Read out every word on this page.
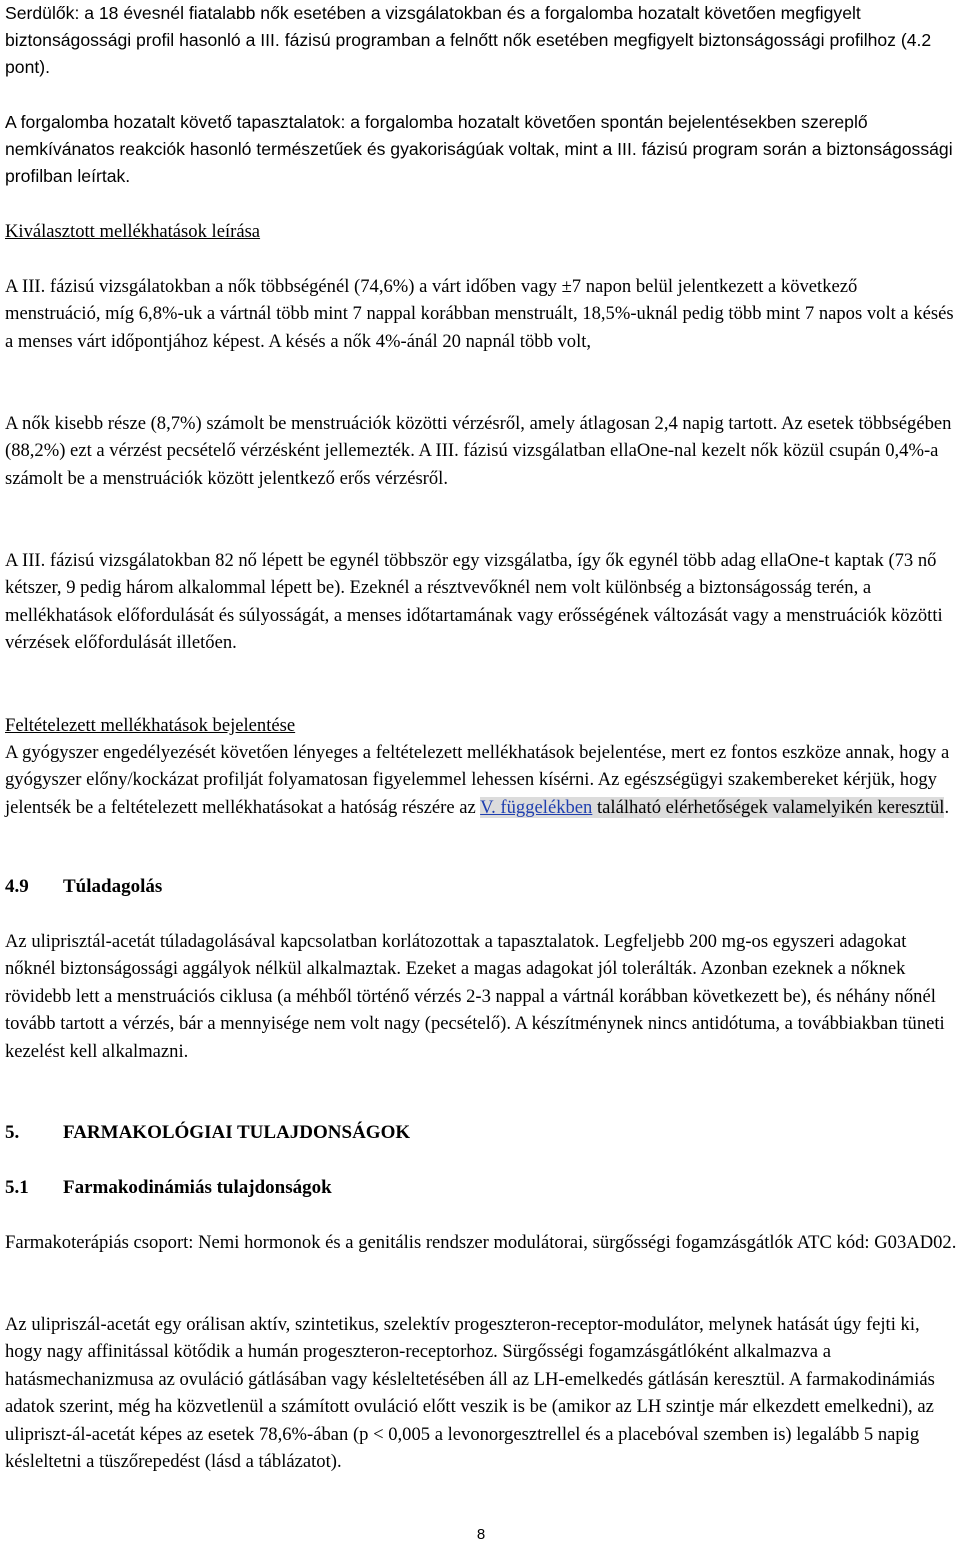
Serdülők: a 18 évesnél fiatalabb nők esetében a vizsgálatokban és a forgalomba hozatalt követően megfigyelt biztonságossági profil hasonló a III. fázisú programban a felnőtt nők esetében megfigyelt biztonságossági profilhoz (4.2 pont).

A forgalomba hozatalt követő tapasztalatok: a forgalomba hozatalt követően spontán bejelentésekben szereplő nemkívánatos reakciók hasonló természetűek és gyakoriságúak voltak, mint a III. fázisú program során a biztonságossági profilban leírtak.

Kiválasztott mellékhatások leírása

A III. fázisú vizsgálatokban a nők többségénél (74,6%) a várt időben vagy ±7 napon belül jelentkezett a következő menstruáció, míg 6,8%-uk a vártnál több mint 7 nappal korábban menstruált, 18,5%-uknál pedig több mint 7 napos volt a késés a menses várt időpontjához képest. A késés a nők 4%-ánál 20 napnál több volt,

A nők kisebb része (8,7%) számolt be menstruációk közötti vérzésről, amely átlagosan 2,4 napig tartott. Az esetek többségében (88,2%) ezt a vérzést pecsételő vérzésként jellemezték. A III. fázisú vizsgálatban ellaOne-nal kezelt nők közül csupán 0,4%-a számolt be a menstruációk között jelentkező erős vérzésről.

A III. fázisú vizsgálatokban 82 nő lépett be egynél többször egy vizsgálatba, így ők egynél több adag ellaOne-t kaptak (73 nő kétszer, 9 pedig három alkalommal lépett be). Ezeknél a résztvevőknél nem volt különbség a biztonságosság terén, a mellékhatások előfordulását és súlyosságát, a menses időtartamának vagy erősségének változását vagy a menstruációk közötti vérzések előfordulását illetően.

Feltételezett mellékhatások bejelentése

A gyógyszer engedélyezését követően lényeges a feltételezett mellékhatások bejelentése, mert ez fontos eszköze annak, hogy a gyógyszer előny/kockázat profilját folyamatosan figyelemmel lehessen kísérni. Az egészségügyi szakembereket kérjük, hogy jelentsék be a feltételezett mellékhatásokat a hatóság részére az V. függelékben található elérhetőségek valamelyikén keresztül.

4.9 Túladagolás

Az uliprisztál-acetát túladagolásával kapcsolatban korlátozottak a tapasztalatok. Legfeljebb 200 mg-os egyszeri adagokat nőknél biztonságossági aggályok nélkül alkalmaztak. Ezeket a magas adagokat jól tolerálták. Azonban ezeknek a nőknek rövidebb lett a menstruációs ciklusa (a méhből történő vérzés 2-3 nappal a vártnál korábban következett be), és néhány nőnél tovább tartott a vérzés, bár a mennyisége nem volt nagy (pecsételő). A készítménynek nincs antidótuma, a továbbiakban tüneti kezelést kell alkalmazni.

5. FARMAKOLÓGIAI TULAJDONSÁGOK

5.1 Farmakodinámiás tulajdonságok

Farmakoterápiás csoport: Nemi hormonok és a genitális rendszer modulátorai, sürgősségi fogamzásgátlók ATC kód: G03AD02.

Az ulipriszál-acetát egy orálisan aktív, szintetikus, szelektív progeszteron-receptor-modulátor, melynek hatását úgy fejti ki, hogy nagy affinitással kötődik a humán progeszteron-receptorhoz. Sürgősségi fogamzásgátlóként alkalmazva a hatásmechanizmusa az ovuláció gátlásában vagy késleltetésében áll az LH-emelkedés gátlásán keresztül. A farmakodinámiás adatok szerint, még ha közvetlenül a számított ovuláció előtt veszik is be (amikor az LH szintje már elkezdett emelkedni), az ulipriszt-ál-acetát képes az esetek 78,6%-ában (p < 0,005 a levonorgesztrellel és a placebóval szemben is) legalább 5 napig késleltetni a tüszőrepedést (lásd a táblázatot).

8
